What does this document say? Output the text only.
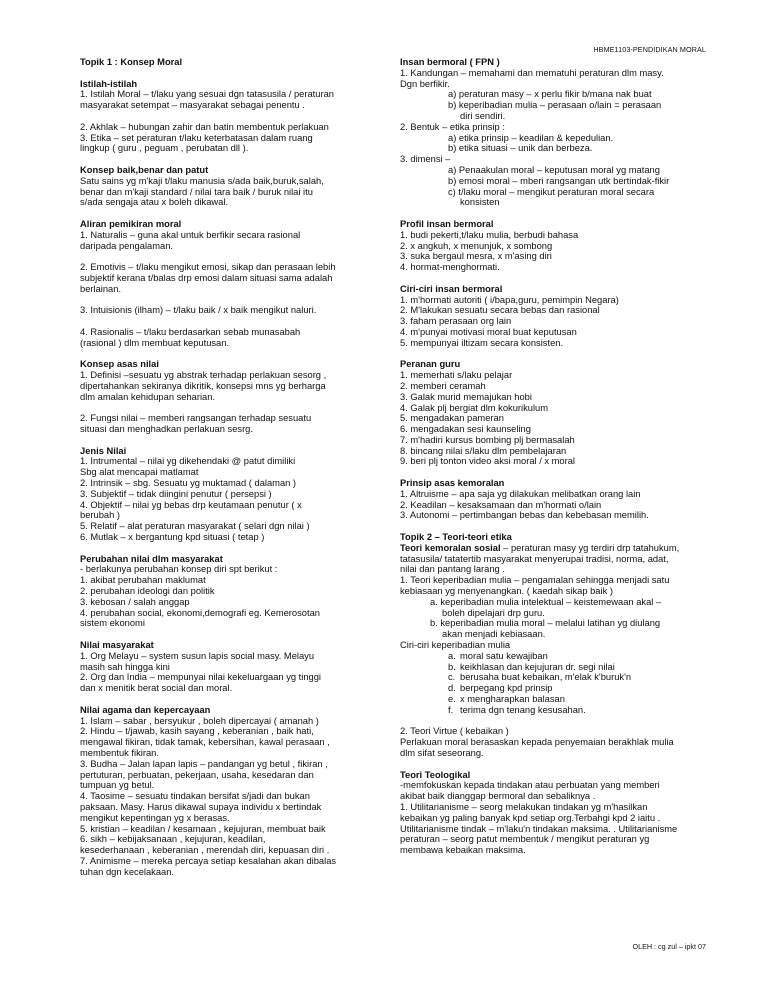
HBME1103-PENDIDIKAN MORAL
Topik 1 : Konsep Moral
Istilah-istilah
1. Istilah Moral – t/laku yang sesuai dgn tatasusila / peraturan
masyarakat setempat – masyarakat sebagai penentu .
2. Akhlak – hubungan zahir dan batin membentuk perlakuan
3. Etika – set peraturan t/laku keterbatasan dalam ruang
lingkup ( guru , peguam , perubatan dll ).
Konsep baik,benar dan patut
Satu sains yg m'kaji t/laku manusia s/ada baik,buruk,salah,
benar dan m'kaji standard / nilai tara baik / buruk nilai itu
s/ada sengaja atau x boleh dikawal.
Aliran pemikiran moral
1. Naturalis – guna akal untuk berfikir secara rasional
daripada pengalaman.
2. Emotivis – t/laku mengikut emosi, sikap dan perasaan lebih
subjektif kerana t/balas drp emosi dalam situasi sama adalah
berlainan.
3. Intuisionis (ilham) – t/laku baik / x baik mengikut naluri.
4. Rasionalis – t/laku berdasarkan sebab munasabah
(rasional ) dlm membuat keputusan.
Konsep asas nilai
1. Definisi –sesuatu yg abstrak terhadap perlakuan sesorg ,
dipertahankan sekiranya dikritik, konsepsi mns yg berharga
dlm amalan kehidupan seharian.
2. Fungsi nilai – memberi rangsangan terhadap sesuatu
situasi dan menghadkan perlakuan sesrg.
Jenis Nilai
1. Intrumental – nilai yg dikehendaki @ patut dimiliki
Sbg alat mencapai matlamat
2. Intrinsik – sbg. Sesuatu yg muktamad ( dalaman )
3. Subjektif – tidak diingini penutur ( persepsi )
4. Objektif – nilai yg bebas drp keutamaan penutur ( x
berubah )
5. Relatif – alat peraturan masyarakat ( selari dgn nilai )
6. Mutlak – x bergantung kpd situasi ( tetap )
Perubahan nilai dlm masyarakat
- berlakunya perubahan konsep diri spt berikut :
1. akibat perubahan maklumat
2. perubahan ideologi dan politik
3. kebosan / salah anggap
4. perubahan social, ekonomi,demografi eg. Kemerosotan
sistem ekonomi
Nilai masyarakat
1. Org Melayu – system susun lapis social masy. Melayu
masih sah hingga kini
2. Org dan India – mempunyai nilai kekeluargaan yg tinggi
dan x menitik berat social dan moral.
Nilai agama dan kepercayaan
1. Islam – sabar , bersyukur , boleh dipercayai ( amanah )
2. Hindu – t/jawab, kasih sayang , keberanian , baik hati,
mengawal fikiran, tidak tamak, kebersihan, kawal perasaan ,
membentuk fikiran.
3. Budha – Jalan lapan lapis – pandangan yg betul , fikiran ,
pertuturan, perbuatan, pekerjaan, usaha, kesedaran dan
tumpuan yg betul.
4. Taosime – sesuatu tindakan bersifat s/jadi dan bukan
paksaan. Masy. Harus dikawal supaya individu x bertindak
mengikut kepentingan yg x berasas.
5. kristian – keadilan / kesamaan , kejujuran, membuat baik
6. sikh – kebijaksanaan , kejujuran, keadilan,
kesederhanaan , keberanian , merendah diri, kepuasan diri .
7. Animisme – mereka percaya setiap kesalahan akan dibalas
tuhan dgn kecelakaan.
Insan bermoral ( FPN )
1. Kandungan – memahami dan mematuhi peraturan dlm masy.
Dgn berfikir.
a) peraturan masy – x perlu fikir b/mana nak buat
b) keperibadian mulia – perasaan o/lain = perasaan
diri sendiri.
2. Bentuk – etika prinsip :
a) etika prinsip – keadilan & kepedulian.
b) etika situasi – unik dan berbeza.
3. dimensi –
a) Penaakulan moral – keputusan moral yg matang
b) emosi moral – mberi rangsangan utk bertindak-fikir
c) t/laku moral – mengikut peraturan moral secara
konsisten
Profil insan bermoral
1. budi pekerti,t/laku mulia, berbudi bahasa
2. x angkuh, x menunjuk, x sombong
3. suka bergaul mesra, x m'asing diri
4. hormat-menghormati.
Ciri-ciri insan bermoral
1. m'hormati autoriti ( i/bapa,guru, pemimpin Negara)
2. M'lakukan sesuatu secara bebas dan rasional
3. faham perasaan org lain
4. m'punyai motivasi moral buat keputusan
5. mempunyai iltizam secara konsisten.
Peranan guru
1. memerhati s/laku pelajar
2. memberi ceramah
3. Galak murid memajukan hobi
4. Galak plj bergiat dlm kokurikulum
5. mengadakan pameran
6. mengadakan sesi kaunseling
7. m'hadiri kursus bombing plj bermasalah
8. bincang nilai s/laku dlm pembelajaran
9. beri plj tonton video aksi moral / x moral
Prinsip asas kemoralan
1. Altruisme – apa saja yg dilakukan melibatkan orang lain
2. Keadilan – kesaksamaan dan m'hormati o/lain
3. Autonomi – pertimbangan bebas dan kebebasan memilih.
Topik 2 – Teori-teori etika
Teori kemoralan sosial – peraturan masy yg terdiri drp tatahukum,
tatasusila/ tatatertib masyarakat menyerupai tradisi, norma, adat,
nilai dan pantang larang .
1. Teori keperibadian mulia – pengamalan sehingga menjadi satu
kebiasaan yg menyenangkan. ( kaedah sikap baik )
a. keperibadian mulia intelektual – keistemewaan akal –
boleh dipelajari drp guru.
b. keperibadian mulia moral – melalui latihan yg diulang
akan menjadi kebiasaan.
Ciri-ciri keperibadian mulia
a. moral satu kewajiban
b. keikhlasan dan kejujuran dr. segi nilai
c. berusaha buat kebaikan, m'elak k'buruk'n
d. berpegang kpd prinsip
e. x mengharapkan balasan
f. terima dgn tenang kesusahan.
2. Teori Virtue ( kebaikan )
Perlakuan moral berasaskan kepada penyemaian berakhlak mulia
dlm sifat seseorang.
Teori Teologikal
-memfokuskan kepada tindakan atau perbuatan yang memberi
akibat baik dianggap bermoral dan sebaliknya .
1. Utilitarianisme – seorg melakukan tindakan yg m'hasilkan
kebaikan yg paling banyak kpd setiap org.Terbahgi kpd 2 iaitu .
Utilitarianisme tindak – m'laku'n tindakan maksima. . Utilitarianisme
peraturan – seorg patut membentuk / mengikut peraturan yg
membawa kebaikan maksima.
OLEH : cg zul – ipkt 07
